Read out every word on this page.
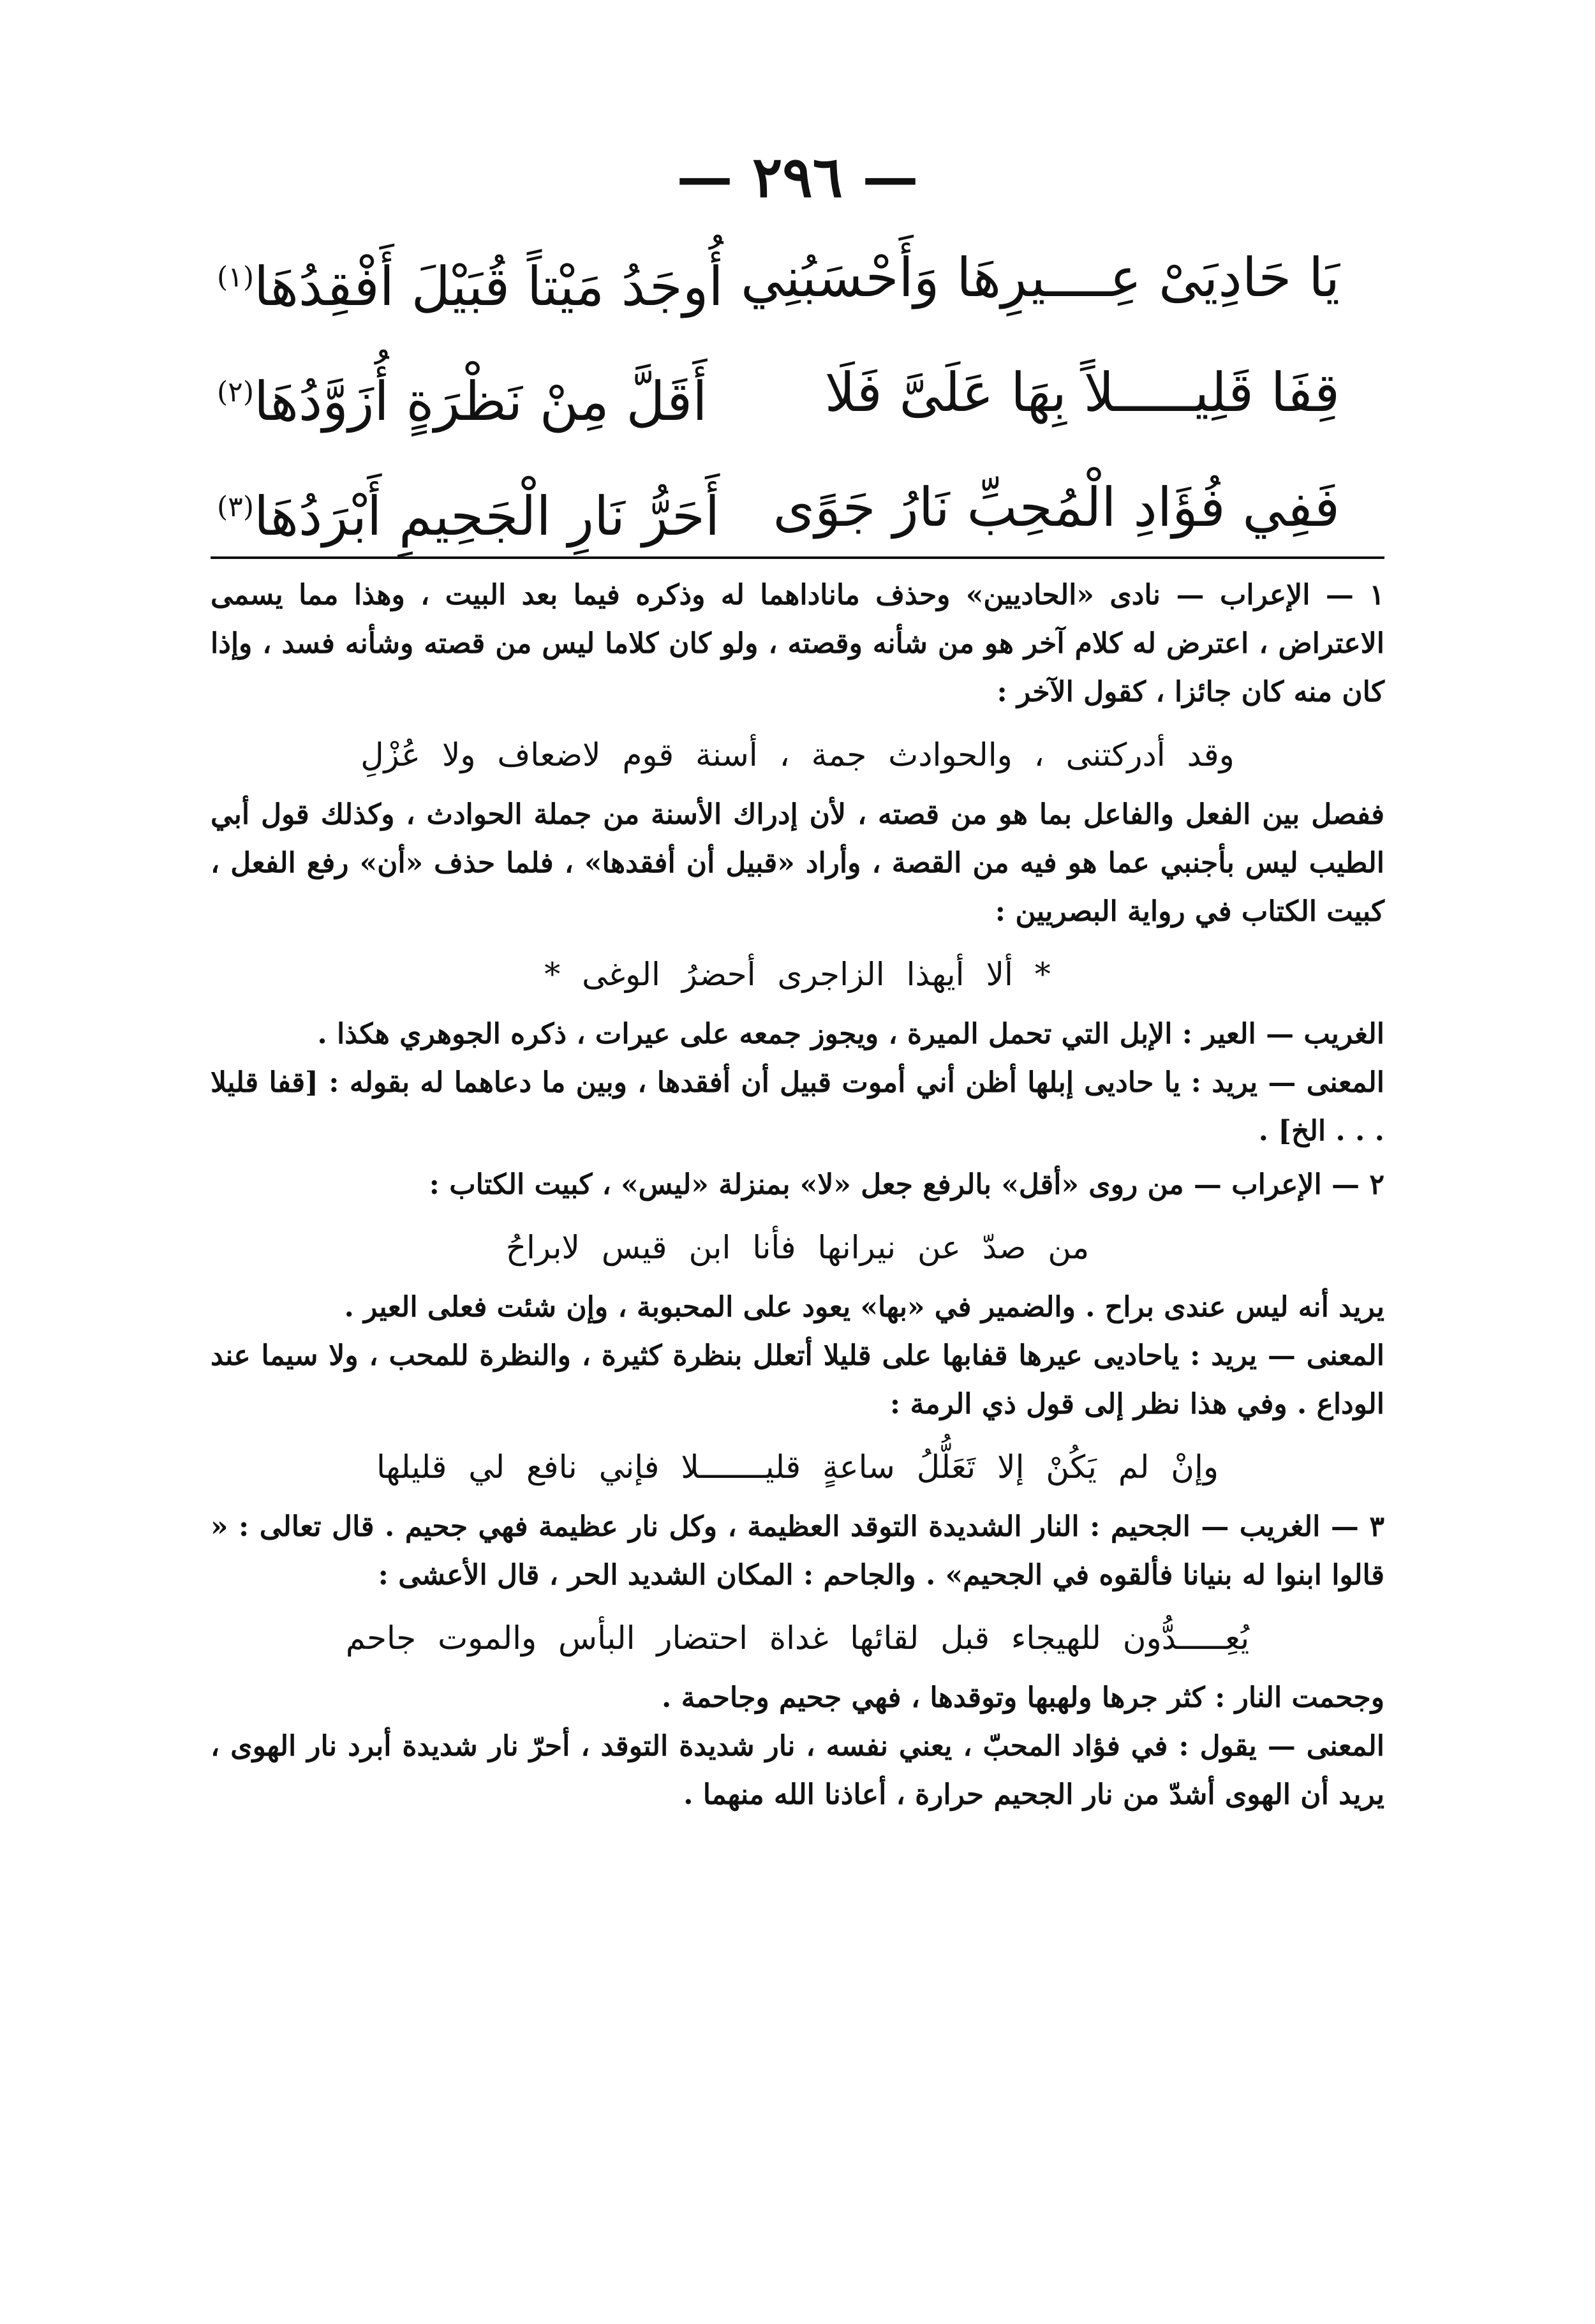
— ٢٩٦ —
يَا حَادِيَىْ عِــــيرِهَا وَأَحْسَبُنِي
أُوجَدُ مَيْتاً قُبَيْلَ أَفْقِدُهَا$^{(١)}$
قِفَا قَلِيـــــلاً بِهَا عَلَىَّ فَلَا
أَقَلَّ مِنْ نَظْرَةٍ أُزَوَّدُهَا$^{(٢)}$
فَفِي فُؤَادِ الْمُحِبِّ نَارُ جَوًى
أَحَرُّ نَارِ الْجَحِيمِ أَبْرَدُهَا$^{(٣)}$

١ — الإعراب — نادى «الحاديين» وحذف ماناداهما له وذكره فيما بعد البيت ، وهذا مما يسمى الاعتراض ، اعترض له كلام آخر هو من شأنه وقصته ، ولو كان كلاما ليس من قصته وشأنه فسد ، وإذا كان منه كان جائزا ، كقول الآخر :

وقد أدركتنى ، والحوادث جمة ، أسنة قوم لاضعاف ولا عُزْلِ

ففصل بين الفعل والفاعل بما هو من قصته ، لأن إدراك الأسنة من جملة الحوادث ، وكذلك قول أبي الطيب ليس بأجنبي عما هو فيه من القصة ، وأراد «قبيل أن أفقدها» ، فلما حذف «أن» رفع الفعل ، كبيت الكتاب في رواية البصريين :

* ألا أيهذا الزاجرى أحضرُ الوغى *

الغريب — العير : الإبل التي تحمل الميرة ، ويجوز جمعه على عيرات ، ذكره الجوهري هكذا .

المعنى — يريد : يا حاديى إبلها أظن أني أموت قبيل أن أفقدها ، وبين ما دعاهما له بقوله : [قفا قليلا . . . الخ] .

٢ — الإعراب — من روى «أقل» بالرفع جعل «لا» بمنزلة «ليس» ، كبيت الكتاب :

من صدّ عن نيرانها فأنا ابن قيس لابراحُ

يريد أنه ليس عندى براح . والضمير في «بها» يعود على المحبوبة ، وإن شئت فعلى العير .

المعنى — يريد : ياحاديى عيرها قفابها على قليلا أتعلل بنظرة كثيرة ، والنظرة للمحب ، ولا سيما عند الوداع . وفي هذا نظر إلى قول ذي الرمة :

وإنْ لم يَكُنْ إلا تَعَلُّلُ ساعةٍ قليـــــــلا فإني نافع لي قليلها

٣ — الغريب — الجحيم : النار الشديدة التوقد العظيمة ، وكل نار عظيمة فهي جحيم . قال تعالى : « قالوا ابنوا له بنيانا فألقوه في الجحيم» . والجاحم : المكان الشديد الحر ، قال الأعشى :

يُعِـــــدُّون للهيجاء قبل لقائها غداة احتضار البأس والموت جاحم

وجحمت النار : كثر جرها ولهبها وتوقدها ، فهي جحيم وجاحمة .

المعنى — يقول : في فؤاد المحبّ ، يعني نفسه ، نار شديدة التوقد ، أحرّ نار شديدة أبرد نار الهوى ، يريد أن الهوى أشدّ من نار الجحيم حرارة ، أعاذنا الله منهما .
